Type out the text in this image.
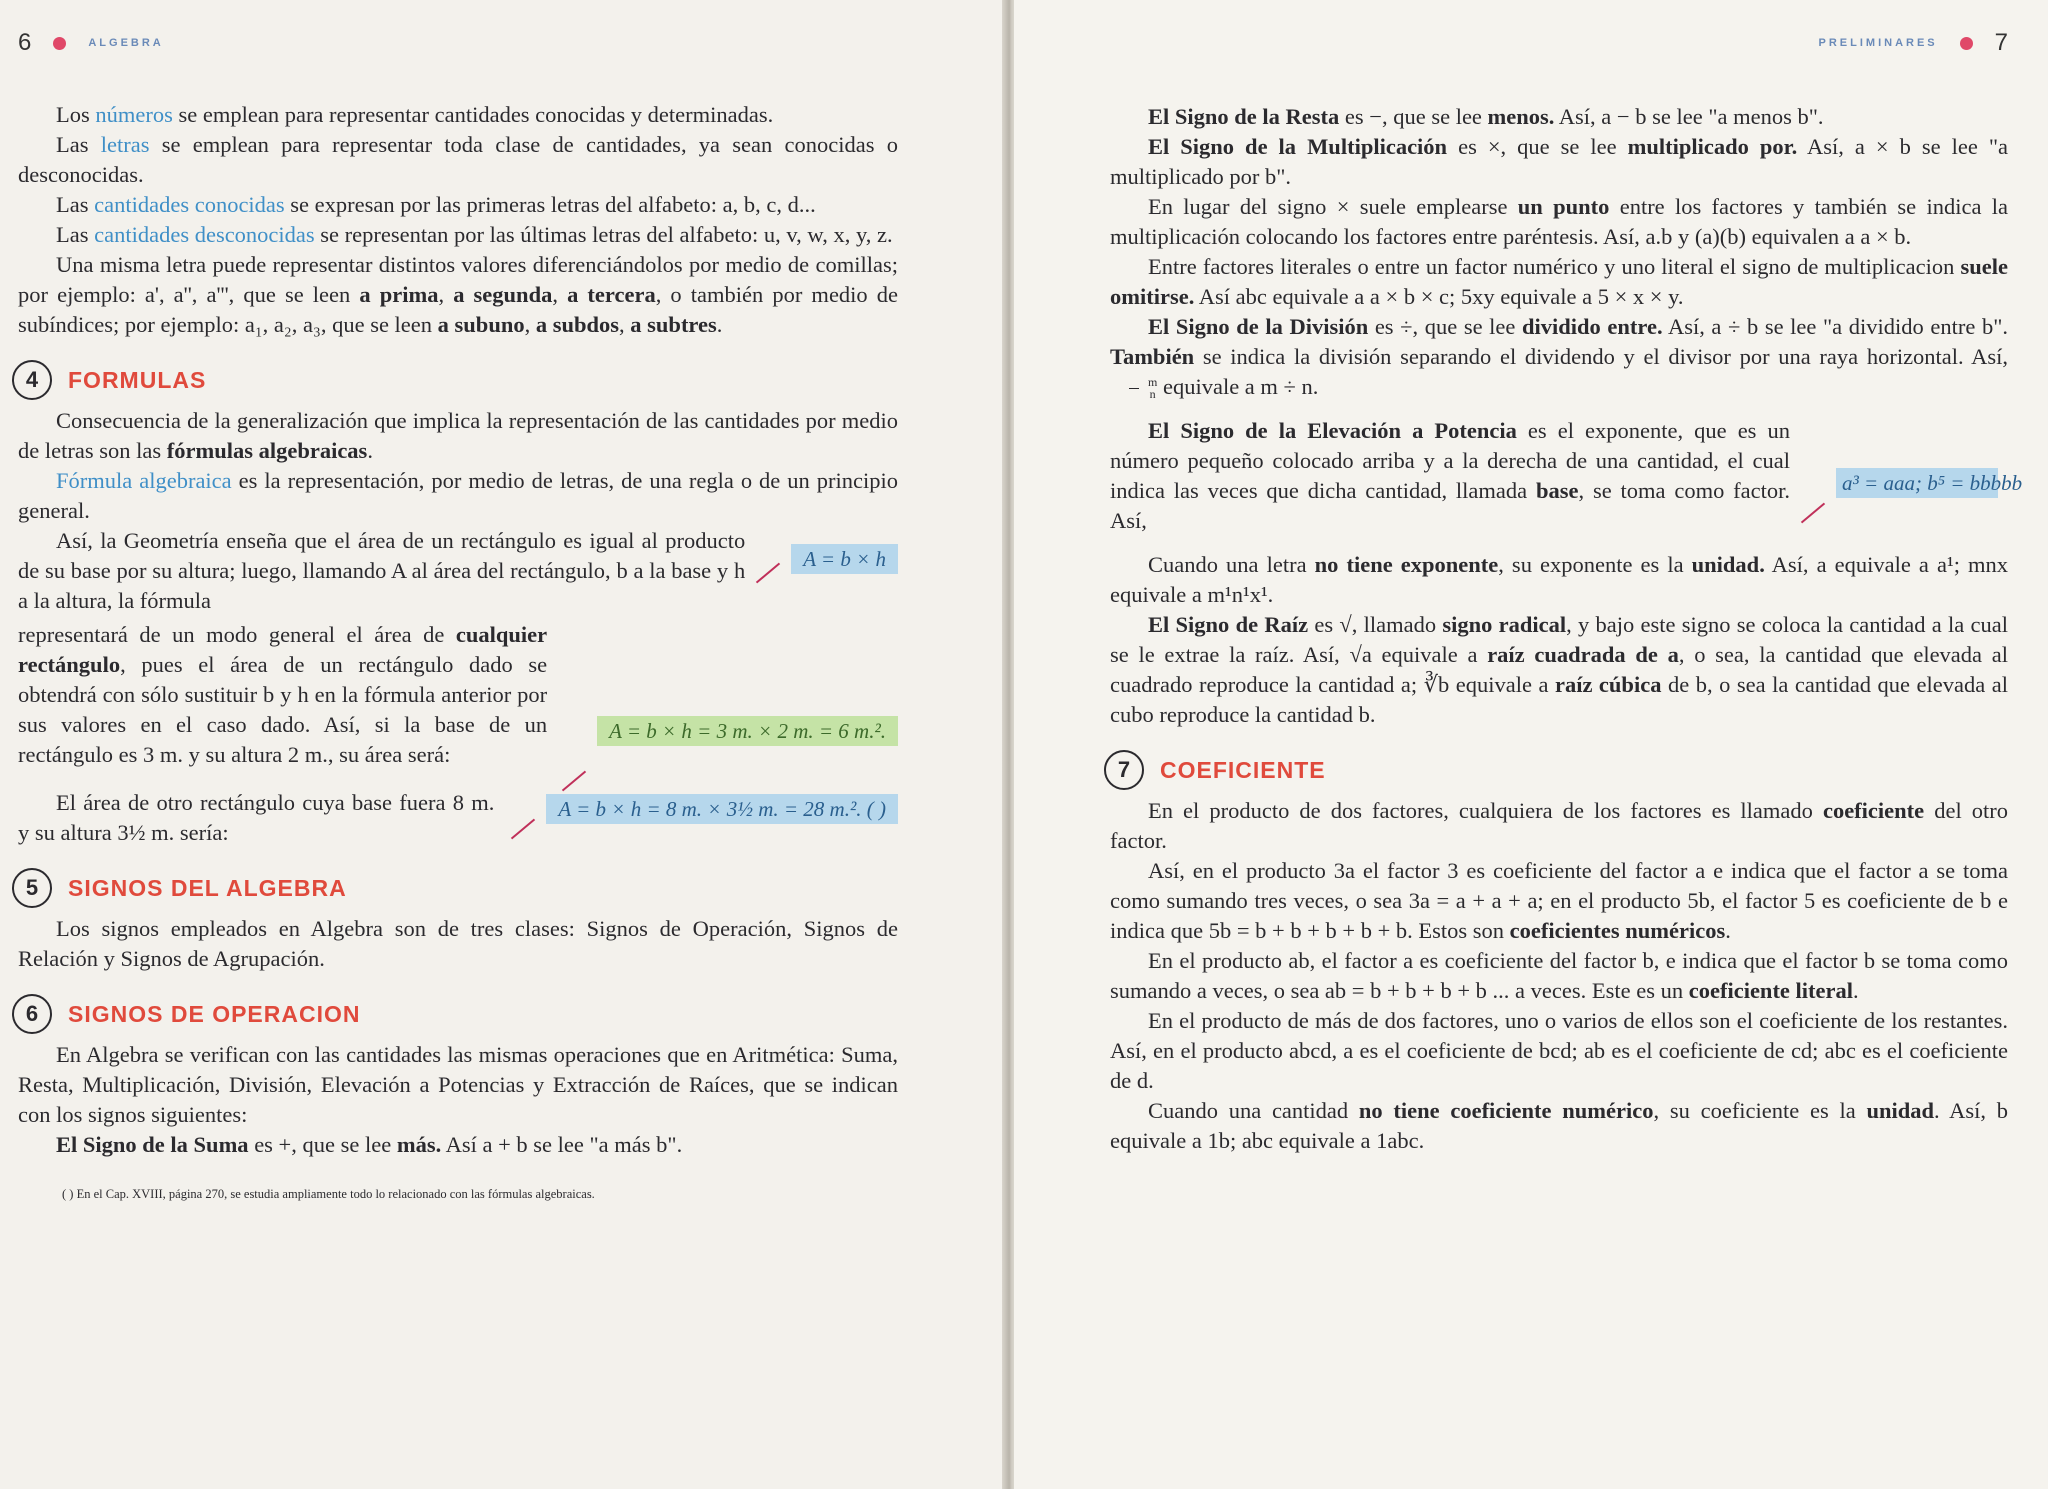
6	ALGEBRA

Los números se emplean para representar cantidades conocidas y determinadas.

Las letras se emplean para representar toda clase de cantidades, ya sean conocidas o desconocidas.

Las cantidades conocidas se expresan por las primeras letras del alfabeto: a, b, c, d...

Las cantidades desconocidas se representan por las últimas letras del alfabeto: u, v, w, x, y, z.

Una misma letra puede representar distintos valores diferenciándolos por medio de comillas; por ejemplo: a', a'', a''', que se leen a prima, a segunda, a tercera, o también por medio de subíndices; por ejemplo: a₁, a₂, a₃, que se leen a subuno, a subdos, a subtres.

4	FORMULAS

Consecuencia de la generalización que implica la representación de las cantidades por medio de letras son las fórmulas algebraicas.

Fórmula algebraica es la representación, por medio de letras, de una regla o de un principio general.

Así, la Geometría enseña que el área de un rectángulo es igual al producto de su base por su altura; luego, llamando A al área del rectángulo, b a la base y h a la altura, la fórmula

A = b × h

representará de un modo general el área de cualquier rectángulo, pues el área de un rectángulo dado se obtendrá con sólo sustituir b y h en la fórmula anterior por sus valores en el caso dado. Así, si la base de un rectángulo es 3 m. y su altura 2 m., su área será:

A = b × h = 3 m. × 2 m. = 6 m.².

El área de otro rectángulo cuya base fuera 8 m. y su altura 3½ m. sería:

A = b × h = 8 m. × 3½ m. = 28 m.². ( )
5	SIGNOS DEL ALGEBRA

Los signos empleados en Algebra son de tres clases: Signos de Operación, Signos de Relación y Signos de Agrupación.

6	SIGNOS DE OPERACION

En Algebra se verifican con las cantidades las mismas operaciones que en Aritmética: Suma, Resta, Multiplicación, División, Elevación a Potencias y Extracción de Raíces, que se indican con los signos siguientes:

El Signo de la Suma es +, que se lee más. Así a + b se lee "a más b".

( ) En el Cap. XVIII, página 270, se estudia ampliamente todo lo relacionado con las fórmulas algebraicas.
PRELIMINARES 7

El Signo de la Resta es −, que se lee menos. Así, a − b se lee "a menos b".

El Signo de la Multiplicación es ×, que se lee multiplicado por. Así, a × b se lee "a multiplicado por b".

En lugar del signo × suele emplearse un punto entre los factores y también se indica la multiplicación colocando los factores entre paréntesis. Así, a.b y (a)(b) equivalen a a × b.

Entre factores literales o entre un factor numérico y uno literal el signo de multiplicacion suele omitirse. Así abc equivale a a × b × c; 5xy equivale a 5 × x × y.

El Signo de la División es ÷, que se lee dividido entre. Así, a ÷ b se lee "a dividido entre b". También se indica la división separando el dividendo y el divisor por una raya horizontal. Así,
$\frac{m}{n}$ equivale a m ÷ n.

El Signo de la Elevación a Potencia es el exponente, que es un número pequeño colocado arriba y a la derecha de una cantidad, el cual indica las veces que dicha cantidad, llamada base, se toma como factor. Así,

a³ = aaa; b⁵ = bbbbb

Cuando una letra no tiene exponente, su exponente es la unidad. Así, a equivale a a¹; mnx equivale a m¹n¹x¹.

El Signo de Raíz es √, llamado signo radical, y bajo este signo se coloca la cantidad a la cual se le extrae la raíz. Así, √a equivale a raíz cuadrada de a, o sea, la cantidad que elevada al cuadrado reproduce la cantidad a; ∛b equivale a raíz cúbica de b, o sea la cantidad que elevada al cubo reproduce la cantidad b.

7	COEFICIENTE

En el producto de dos factores, cualquiera de los factores es llamado coeficiente del otro factor.

Así, en el producto 3a el factor 3 es coeficiente del factor a e indica que el factor a se toma como sumando tres veces, o sea 3a = a + a + a; en el producto 5b, el factor 5 es coeficiente de b e indica que 5b = b + b + b + b + b. Estos son coeficientes numéricos.

En el producto ab, el factor a es coeficiente del factor b, e indica que el factor b se toma como sumando a veces, o sea ab = b + b + b + b ... a veces. Este es un coeficiente literal.

En el producto de más de dos factores, uno o varios de ellos son el coeficiente de los restantes. Así, en el producto abcd, a es el coeficiente de bcd; ab es el coeficiente de cd; abc es el coeficiente de d.

Cuando una cantidad no tiene coeficiente numérico, su coeficiente es la unidad. Así, b equivale a 1b; abc equivale a 1abc.
